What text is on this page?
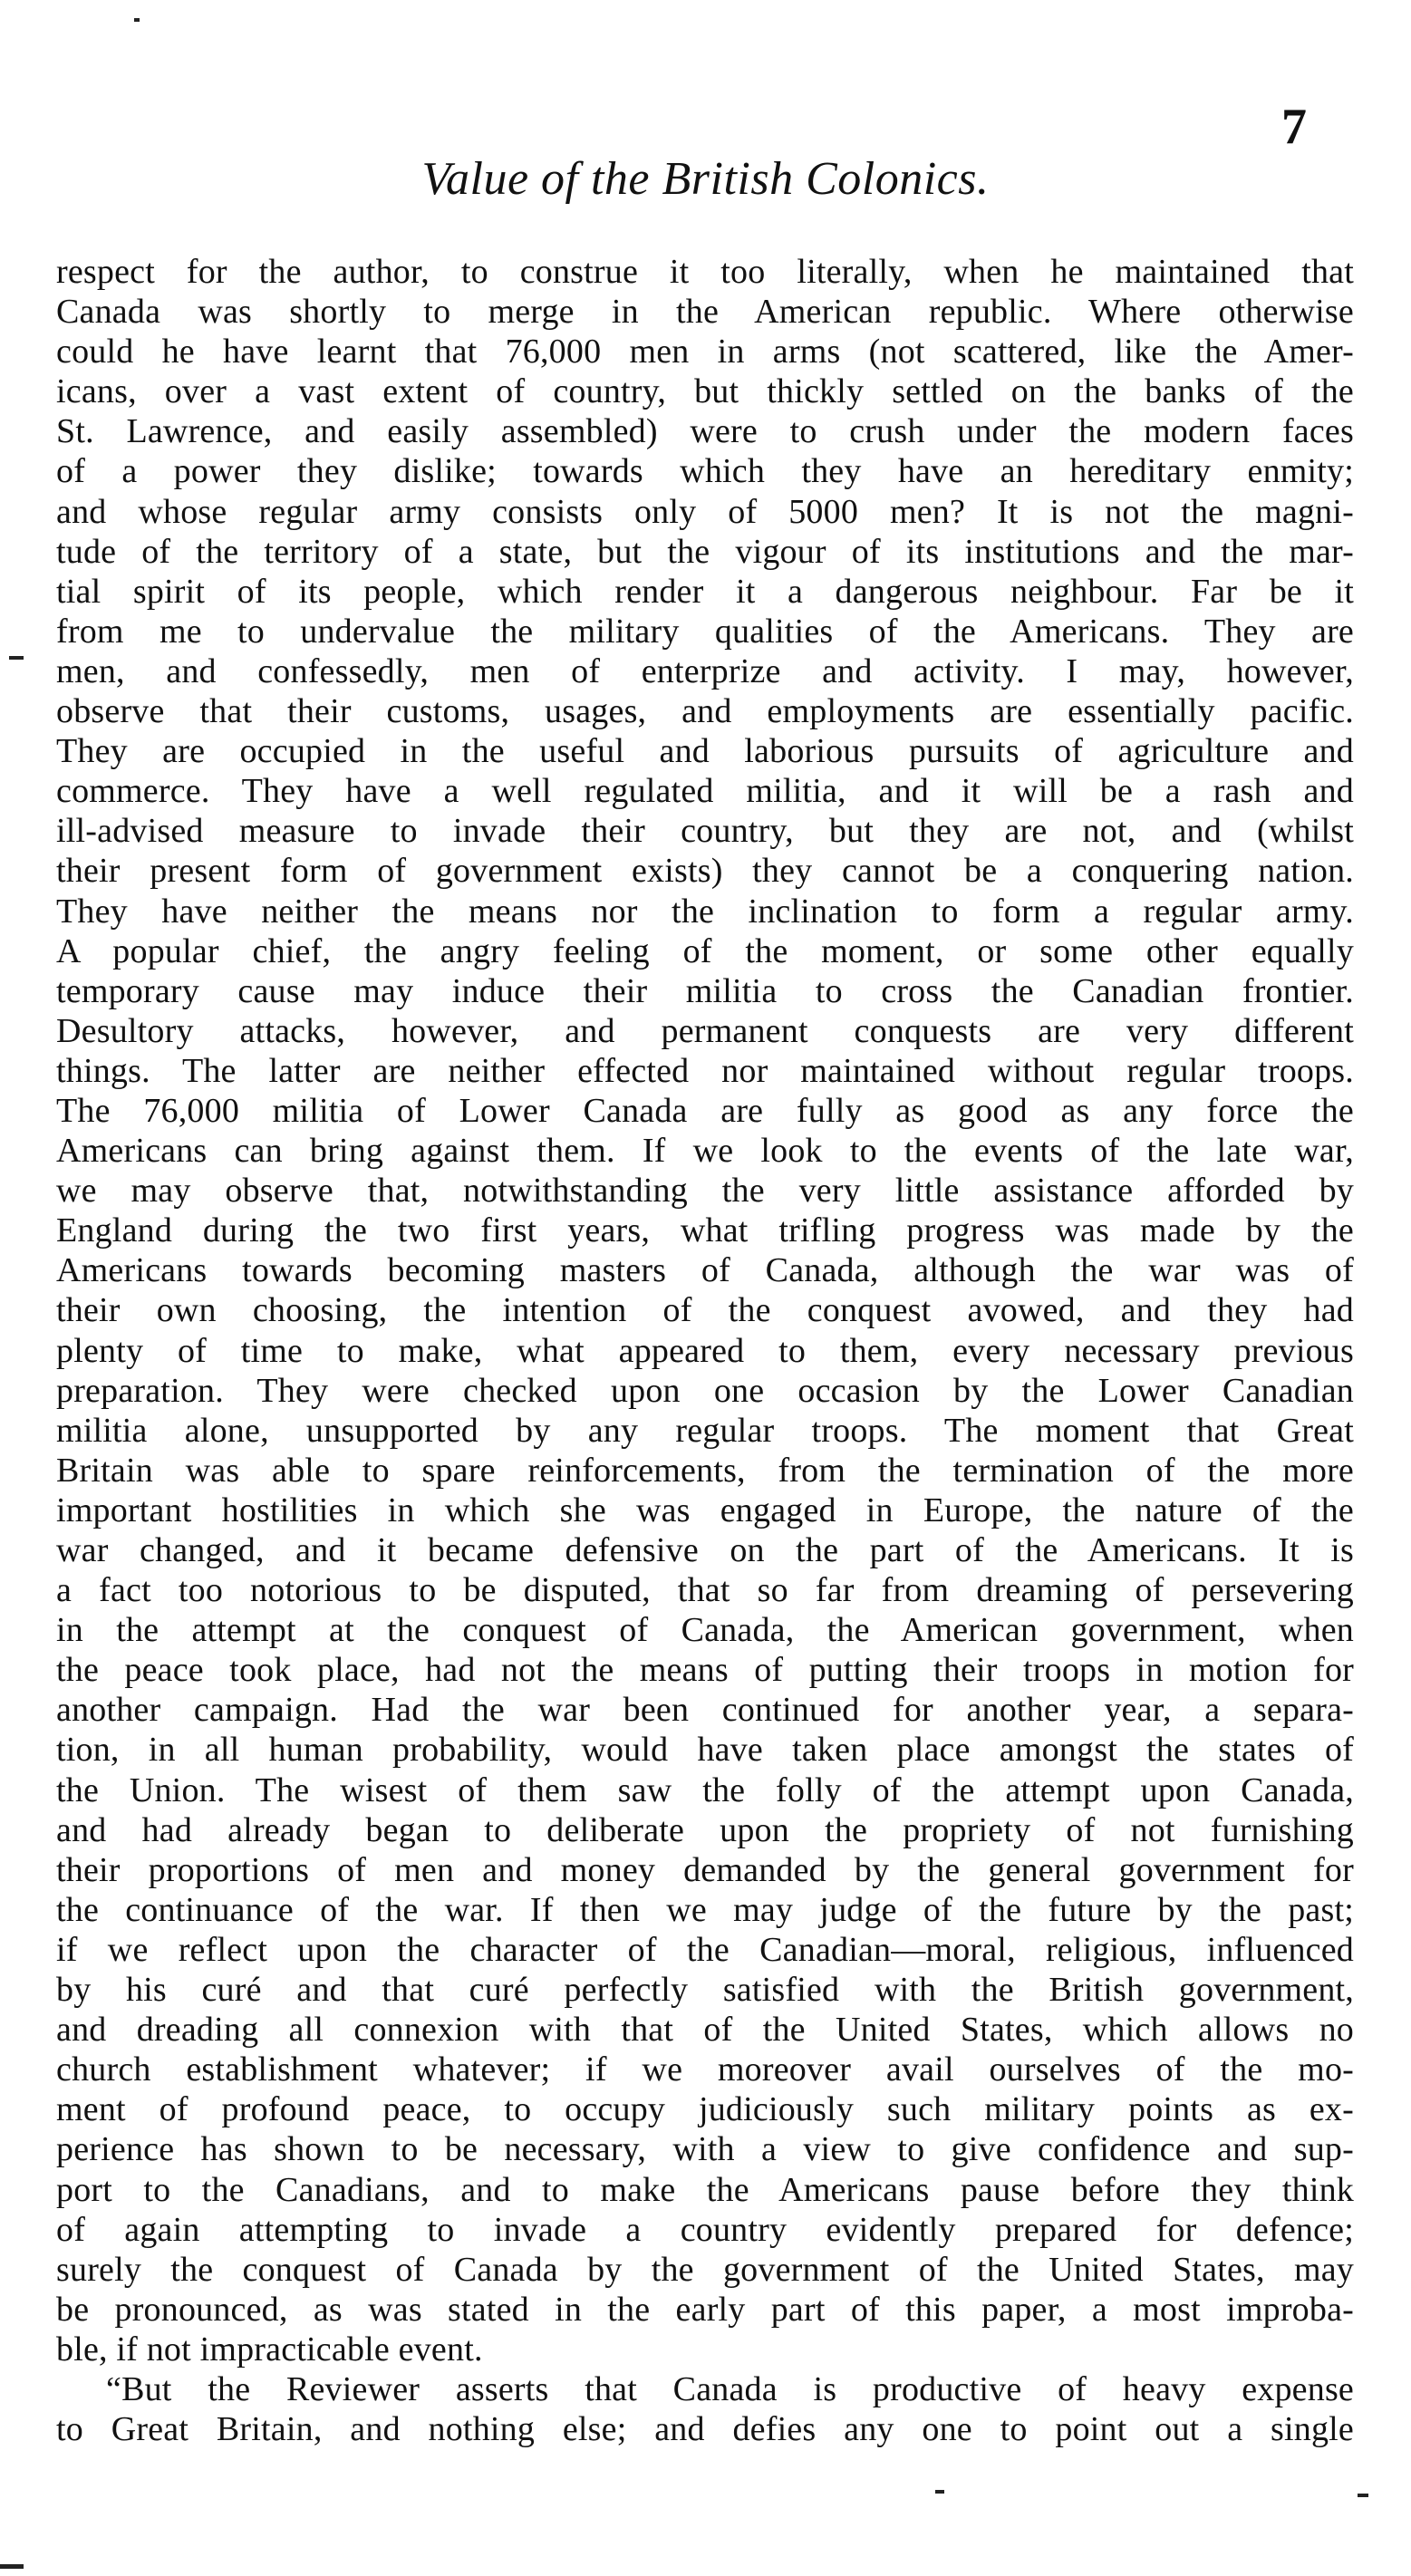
7
Value of the British Colonics.
respect for the author, to construe it too literally, when he maintained that
Canada was shortly to merge in the American republic. Where otherwise
could he have learnt that 76,000 men in arms (not scattered, like the Amer-
icans, over a vast extent of country, but thickly settled on the banks of the
St. Lawrence, and easily assembled) were to crush under the modern faces
of a power they dislike; towards which they have an hereditary enmity;
and whose regular army consists only of 5000 men? It is not the magni-
tude of the territory of a state, but the vigour of its institutions and the mar-
tial spirit of its people, which render it a dangerous neighbour. Far be it
from me to undervalue the military qualities of the Americans. They are
men, and confessedly, men of enterprize and activity. I may, however,
observe that their customs, usages, and employments are essentially pacific.
They are occupied in the useful and laborious pursuits of agriculture and
commerce. They have a well regulated militia, and it will be a rash and
ill-advised measure to invade their country, but they are not, and (whilst
their present form of government exists) they cannot be a conquering nation.
They have neither the means nor the inclination to form a regular army.
A popular chief, the angry feeling of the moment, or some other equally
temporary cause may induce their militia to cross the Canadian frontier.
Desultory attacks, however, and permanent conquests are very different
things. The latter are neither effected nor maintained without regular troops.
The 76,000 militia of Lower Canada are fully as good as any force the
Americans can bring against them. If we look to the events of the late war,
we may observe that, notwithstanding the very little assistance afforded by
England during the two first years, what trifling progress was made by the
Americans towards becoming masters of Canada, although the war was of
their own choosing, the intention of the conquest avowed, and they had
plenty of time to make, what appeared to them, every necessary previous
preparation. They were checked upon one occasion by the Lower Canadian
militia alone, unsupported by any regular troops. The moment that Great
Britain was able to spare reinforcements, from the termination of the more
important hostilities in which she was engaged in Europe, the nature of the
war changed, and it became defensive on the part of the Americans. It is
a fact too notorious to be disputed, that so far from dreaming of persevering
in the attempt at the conquest of Canada, the American government, when
the peace took place, had not the means of putting their troops in motion for
another campaign. Had the war been continued for another year, a separa-
tion, in all human probability, would have taken place amongst the states of
the Union. The wisest of them saw the folly of the attempt upon Canada,
and had already began to deliberate upon the propriety of not furnishing
their proportions of men and money demanded by the general government for
the continuance of the war. If then we may judge of the future by the past;
if we reflect upon the character of the Canadian—moral, religious, influenced
by his curé and that curé perfectly satisfied with the British government,
and dreading all connexion with that of the United States, which allows no
church establishment whatever; if we moreover avail ourselves of the mo-
ment of profound peace, to occupy judiciously such military points as ex-
perience has shown to be necessary, with a view to give confidence and sup-
port to the Canadians, and to make the Americans pause before they think
of again attempting to invade a country evidently prepared for defence;
surely the conquest of Canada by the government of the United States, may
be pronounced, as was stated in the early part of this paper, a most improba-
ble, if not impracticable event.
“But the Reviewer asserts that Canada is productive of heavy expense
to Great Britain, and nothing else; and defies any one to point out a single
